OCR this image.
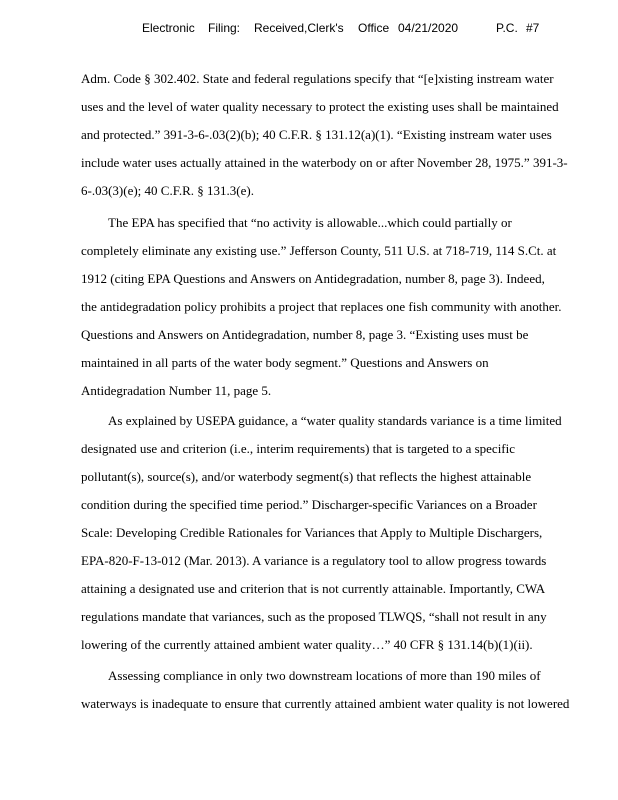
Electronic Filing: Received,Clerk's Office 04/21/2020	P.C. #7
Adm. Code § 302.402. State and federal regulations specify that “[e]xisting instream water
uses and the level of water quality necessary to protect the existing uses shall be maintained
and protected.” 391-3-6-.03(2)(b); 40 C.F.R. § 131.12(a)(1). “Existing instream water uses
include water uses actually attained in the waterbody on or after November 28, 1975.” 391-3-
6-.03(3)(e); 40 C.F.R. § 131.3(e).
The EPA has specified that “no activity is allowable...which could partially or
completely eliminate any existing use.” Jefferson County, 511 U.S. at 718-719, 114 S.Ct. at
1912 (citing EPA Questions and Answers on Antidegradation, number 8, page 3). Indeed,
the antidegradation policy prohibits a project that replaces one fish community with another.
Questions and Answers on Antidegradation, number 8, page 3. “Existing uses must be
maintained in all parts of the water body segment.” Questions and Answers on
Antidegradation Number 11, page 5.
As explained by USEPA guidance, a “water quality standards variance is a time limited
designated use and criterion (i.e., interim requirements) that is targeted to a specific
pollutant(s), source(s), and/or waterbody segment(s) that reflects the highest attainable
condition during the specified time period.” Discharger-specific Variances on a Broader
Scale: Developing Credible Rationales for Variances that Apply to Multiple Dischargers,
EPA-820-F-13-012 (Mar. 2013). A variance is a regulatory tool to allow progress towards
attaining a designated use and criterion that is not currently attainable. Importantly, CWA
regulations mandate that variances, such as the proposed TLWQS, “shall not result in any
lowering of the currently attained ambient water quality…” 40 CFR § 131.14(b)(1)(ii).
Assessing compliance in only two downstream locations of more than 190 miles of
waterways is inadequate to ensure that currently attained ambient water quality is not lowered
